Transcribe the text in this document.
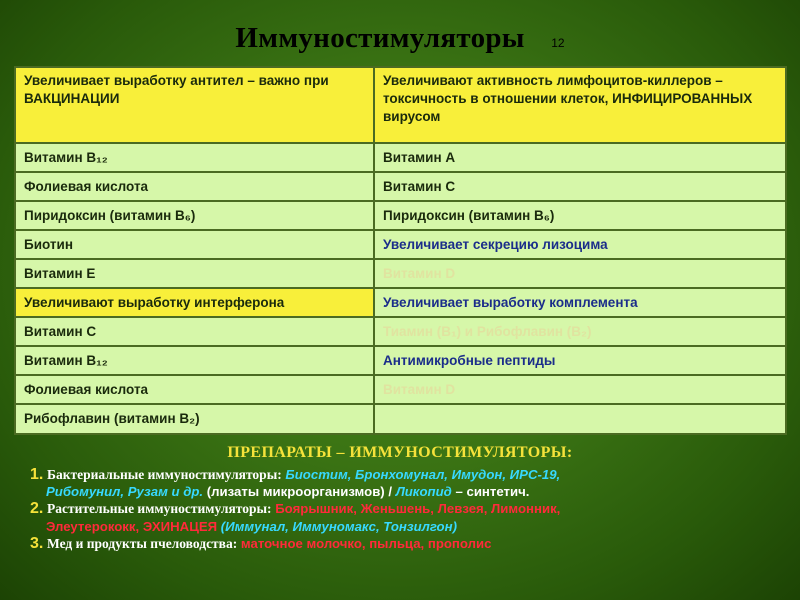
Иммуностимуляторы 12
Увеличивает выработку антител – важно при ВАКЦИНАЦИИ	Увеличивают активность лимфоцитов-киллеров – токсичность в отношении клеток, ИНФИЦИРОВАННЫХ вирусом
Витамин В₁₂	Витамин А
Фолиевая кислота	Витамин С
Пиридоксин (витамин В₆)	Пиридоксин (витамин В₆)
Биотин	Увеличивает секрецию лизоцима
Витамин Е	Витамин D
Увеличивают выработку интерферона	Увеличивает выработку комплемента
Витамин С	Тиамин (В₁) и Рибофлавин (В₂)
Витамин В₁₂	Антимикробные пептиды
Фолиевая кислота	Витамин D
Рибофлавин (витамин В₂)	
ПРЕПАРАТЫ – ИММУНОСТИМУЛЯТОРЫ:
1. Бактериальные иммуностимуляторы: Биостим, Бронхомунал, Имудон, ИРС-19,
Рибомунил, Рузам и др. (лизаты микроорганизмов) / Ликопид – синтетич.
2. Растительные иммуностимуляторы: Боярышник, Женьшень, Левзея, Лимонник,
Элеутерококк, ЭХИНАЦЕЯ (Иммунал, Иммуномакс, Тонзилгон)
3. Мед и продукты пчеловодства: маточное молочко, пыльца, прополис
